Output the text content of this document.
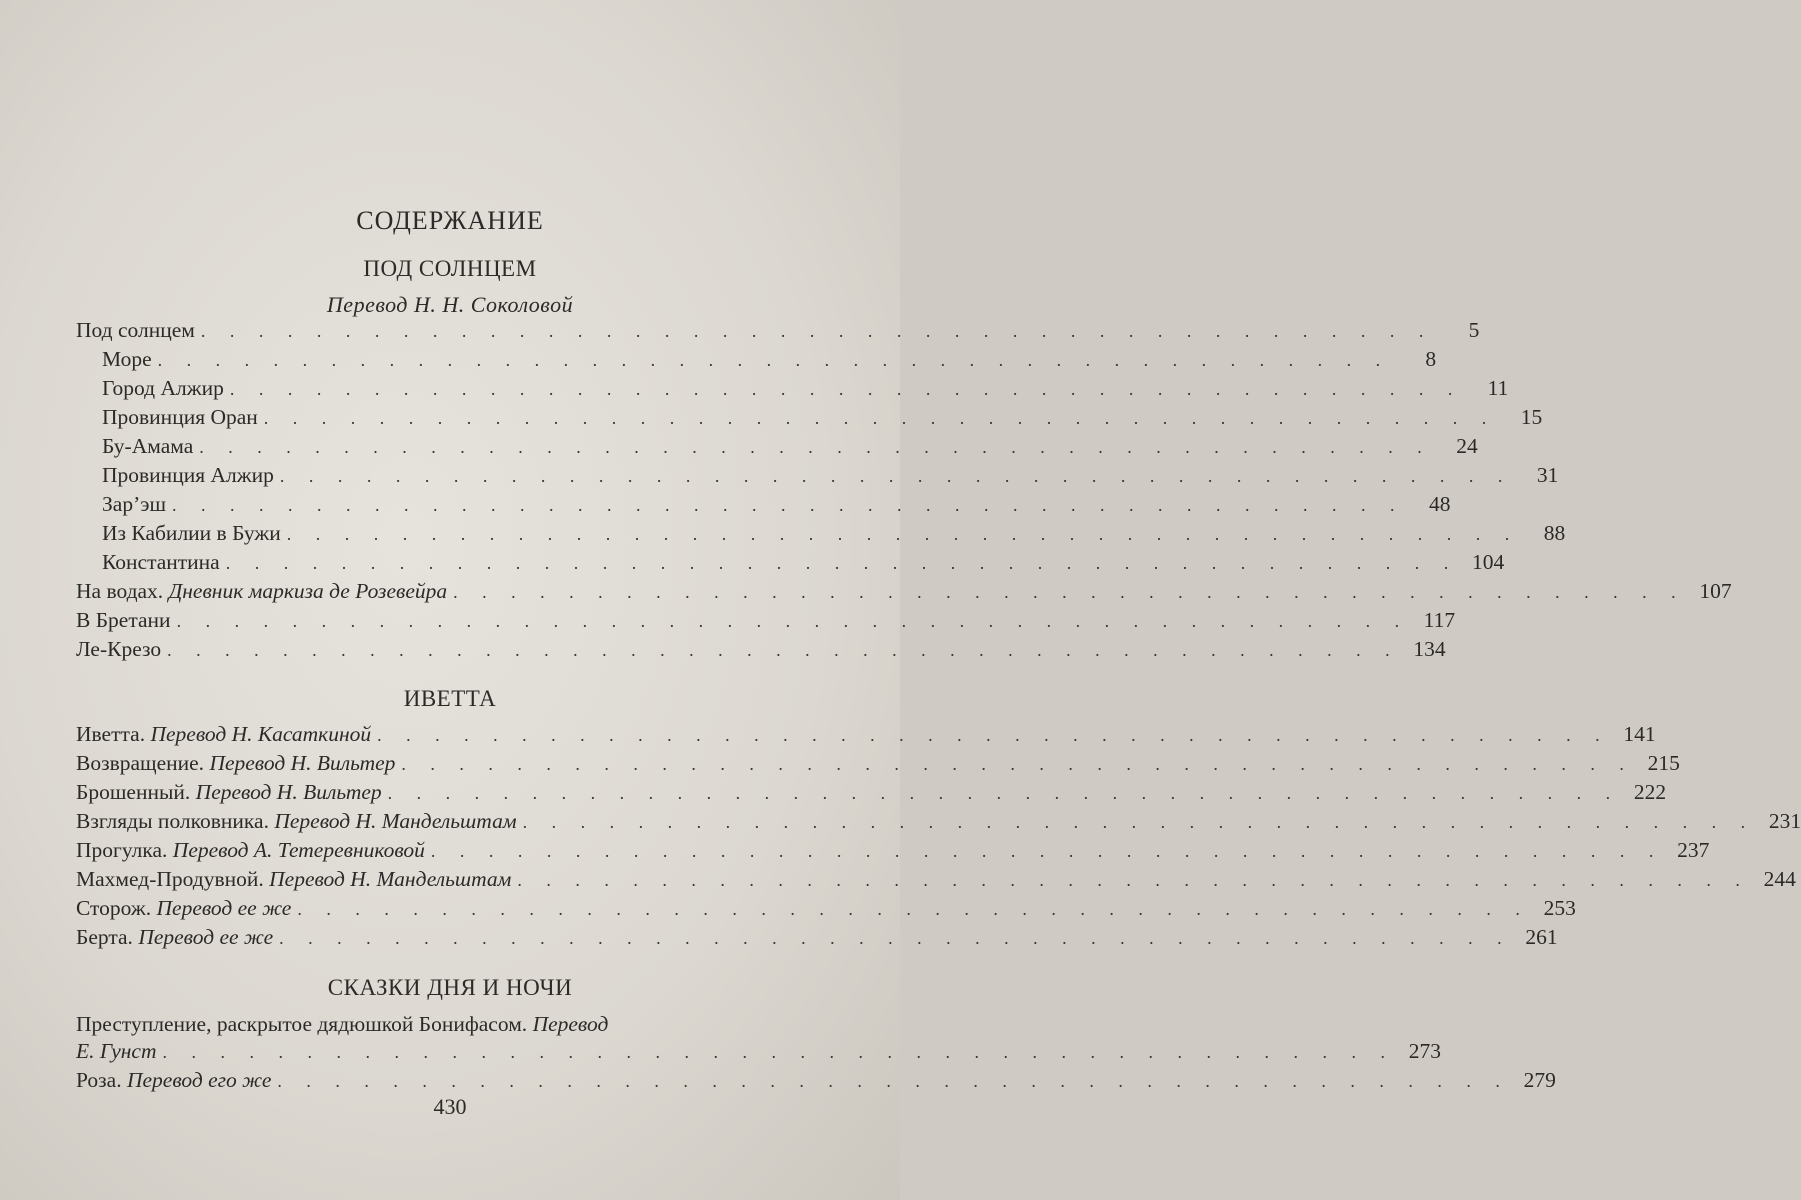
СОДЕРЖАНИЕ
ПОД СОЛНЦЕМ
Перевод Н. Н. Соколовой
Под солнцем . . . . . . . . . . . . . . . . . . . . . . . . . . . . . . . . . . . . . . . . . . .	5
Море . . . . . . . . . . . . . . . . . . . . . . . . . . . . . . . . . . . . . . . . . . .	8
Город Алжир . . . . . . . . . . . . . . . . . . . . . . . . . . . . . . . . . . . . . . . . . . .	11
Провинция Оран . . . . . . . . . . . . . . . . . . . . . . . . . . . . . . . . . . . . . . . . . . .	15
Бу-Амама . . . . . . . . . . . . . . . . . . . . . . . . . . . . . . . . . . . . . . . . . . .	24
Провинция Алжир . . . . . . . . . . . . . . . . . . . . . . . . . . . . . . . . . . . . . . . . . . .	31
Зар’эш . . . . . . . . . . . . . . . . . . . . . . . . . . . . . . . . . . . . . . . . . . .	48
Из Кабилии в Бужи . . . . . . . . . . . . . . . . . . . . . . . . . . . . . . . . . . . . . . . . . . .	88
Константина . . . . . . . . . . . . . . . . . . . . . . . . . . . . . . . . . . . . . . . . . . . 104
На водах. Дневник маркиза де Розевейра . . . . . . . . . . . . . . . . . . . . . . . . . . . . . . . . . . . . . . . . . . . 107
В Бретани . . . . . . . . . . . . . . . . . . . . . . . . . . . . . . . . . . . . . . . . . . . 117
Ле-Крезо . . . . . . . . . . . . . . . . . . . . . . . . . . . . . . . . . . . . . . . . . . . 134
ИВЕТТА
Иветта. Перевод Н. Касаткиной . . . . . . . . . . . . . . . . . . . . . . . . . . . . . . . . . . . . . . . . . . . 141
Возвращение. Перевод Н. Вильтер . . . . . . . . . . . . . . . . . . . . . . . . . . . . . . . . . . . . . . . . . . . 215
Брошенный. Перевод Н. Вильтер . . . . . . . . . . . . . . . . . . . . . . . . . . . . . . . . . . . . . . . . . . . 222
Взгляды полковника. Перевод Н. Мандельштам . . . . . . . . . . . . . . . . . . . . . . . . . . . . . . . . . . . . . . . . . . . 231
Прогулка. Перевод А. Тетеревниковой . . . . . . . . . . . . . . . . . . . . . . . . . . . . . . . . . . . . . . . . . . . 237
Махмед-Продувной. Перевод Н. Мандельштам . . . . . . . . . . . . . . . . . . . . . . . . . . . . . . . . . . . . . . . . . . . 244
Сторож. Перевод ее же . . . . . . . . . . . . . . . . . . . . . . . . . . . . . . . . . . . . . . . . . . . 253
Берта. Перевод ее же . . . . . . . . . . . . . . . . . . . . . . . . . . . . . . . . . . . . . . . . . . . 261
СКАЗКИ ДНЯ И НОЧИ
Преступление, раскрытое дядюшкой Бонифасом. Перевод
Е. Гунст . . . . . . . . . . . . . . . . . . . . . . . . . . . . . . . . . . . . . . . . . . . 273
Роза. Перевод его же . . . . . . . . . . . . . . . . . . . . . . . . . . . . . . . . . . . . . . . . . . . 279
430
